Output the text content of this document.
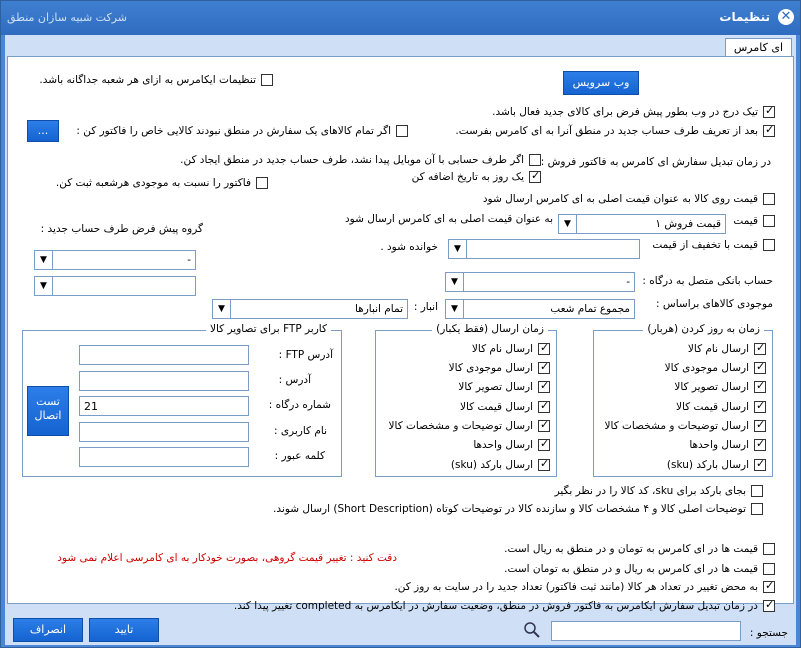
✕
تنظیمات
شرکت شبیه سازان منطق
ای کامرس
وب سرویس
تنظیمات ایکامرس به ازای هر شعبه جداگانه باشد.
✓
تیک درج در وب بطور پیش فرض برای کالای جدید فعال باشد.
✓
بعد از تعریف طرف حساب جدید در منطق آنرا به ای کامرس بفرست.
اگر تمام کالاهای یک سفارش در منطق نبودند کالایی خاص را فاکتور کن :
...
در زمان تبدیل سفارش ای کامرس به فاکتور فروش :
اگر طرف حسابی با آن موبایل پیدا نشد، طرف حساب جدید در منطق ایجاد کن.
✓
یک روز به تاریخ اضافه کن
فاکتور را نسبت به موجودی هرشعبه ثبت کن.
قیمت روی کالا به عنوان قیمت اصلی به ای کامرس ارسال شود
قیمت
قیمت فروش ۱
▼
به عنوان قیمت اصلی به ای کامرس ارسال شود
قیمت با تخفیف از قیمت
▼
خوانده شود .
گروه پیش فرض طرف حساب جدید :
-
▼
▼	حساب بانکی متصل به درگاه :
-
▼
موجودی کالاهای براساس :
مجموع تمام شعب
▼
انبار :
تمام انبارها
▼
زمان به روز کردن (هربار)
✓
ارسال نام کالا
✓
ارسال موجودی کالا
✓
ارسال تصویر کالا
✓
ارسال قیمت کالا
✓
ارسال توضیحات و مشخصات کالا
✓
ارسال واحدها
✓
ارسال بارکد (sku)
زمان ارسال (فقط یکبار)
✓
ارسال نام کالا
✓
ارسال موجودی کالا
✓
ارسال تصویر کالا
✓
ارسال قیمت کالا
✓
ارسال توضیحات و مشخصات کالا
✓
ارسال واحدها
✓
ارسال بارکد (sku)
کاربر FTP برای تصاویر کالا
آدرس FTP :
آدرس :
شماره درگاه :
21
نام کاربری :
کلمه عبور :
تست اتصال
بجای بارکد برای sku، کد کالا را در نظر بگیر
توضیحات اصلی کالا و ۴ مشخصات کالا و سازنده کالا در توضیحات کوتاه (Short Description) ارسال شوند.
قیمت ها در ای کامرس به تومان و در منطق به ریال است.
دقت کنید : تغییر قیمت گروهی، بصورت خودکار به ای کامرسی اعلام نمی شود
قیمت ها در ای کامرس به ریال و در منطق به تومان است.
✓
به محض تغییر در تعداد هر کالا (مانند ثبت فاکتور) تعداد جدید را در سایت به روز کن.
✓
در زمان تبدیل سفارش ایکامرس به فاکتور فروش در منطق، وضعیت سفارش در ایکامرس به completed تغییر پیدا کند.
جستجو :
تایید
انصراف
